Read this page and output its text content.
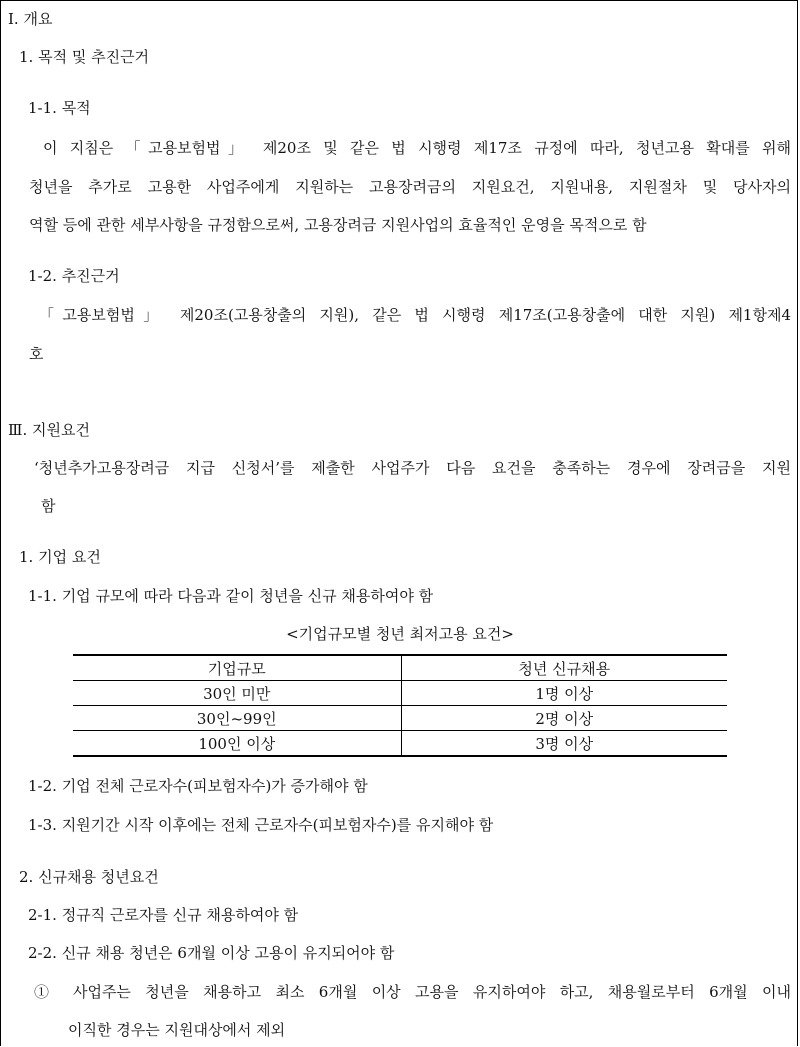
Ⅰ. 개요
1. 목적 및 추진근거
1-1. 목적
이 지침은 「고용보험법」 제20조 및 같은 법 시행령 제17조 규정에 따라, 청년고용 확대를 위해
청년을 추가로 고용한 사업주에게 지원하는 고용장려금의 지원요건, 지원내용, 지원절차 및 당사자의
역할 등에 관한 세부사항을 규정함으로써, 고용장려금 지원사업의 효율적인 운영을 목적으로 함
1-2. 추진근거
「고용보험법」 제20조(고용창출의 지원), 같은 법 시행령 제17조(고용창출에 대한 지원) 제1항제4
호
Ⅲ. 지원요건
‘청년추가고용장려금 지급 신청서’를 제출한 사업주가 다음 요건을 충족하는 경우에 장려금을 지원
함
1. 기업 요건
1-1. 기업 규모에 따라 다음과 같이 청년을 신규 채용하여야 함
<기업규모별 청년 최저고용 요건>
기업규모	청년 신규채용
30인 미만	1명 이상
30인~99인	2명 이상
100인 이상	3명 이상
1-2. 기업 전체 근로자수(피보험자수)가 증가해야 함
1-3. 지원기간 시작 이후에는 전체 근로자수(피보험자수)를 유지해야 함
2. 신규채용 청년요건
2-1. 정규직 근로자를 신규 채용하여야 함
2-2. 신규 채용 청년은 6개월 이상 고용이 유지되어야 함
① 사업주는 청년을 채용하고 최소 6개월 이상 고용을 유지하여야 하고, 채용월로부터 6개월 이내
이직한 경우는 지원대상에서 제외
